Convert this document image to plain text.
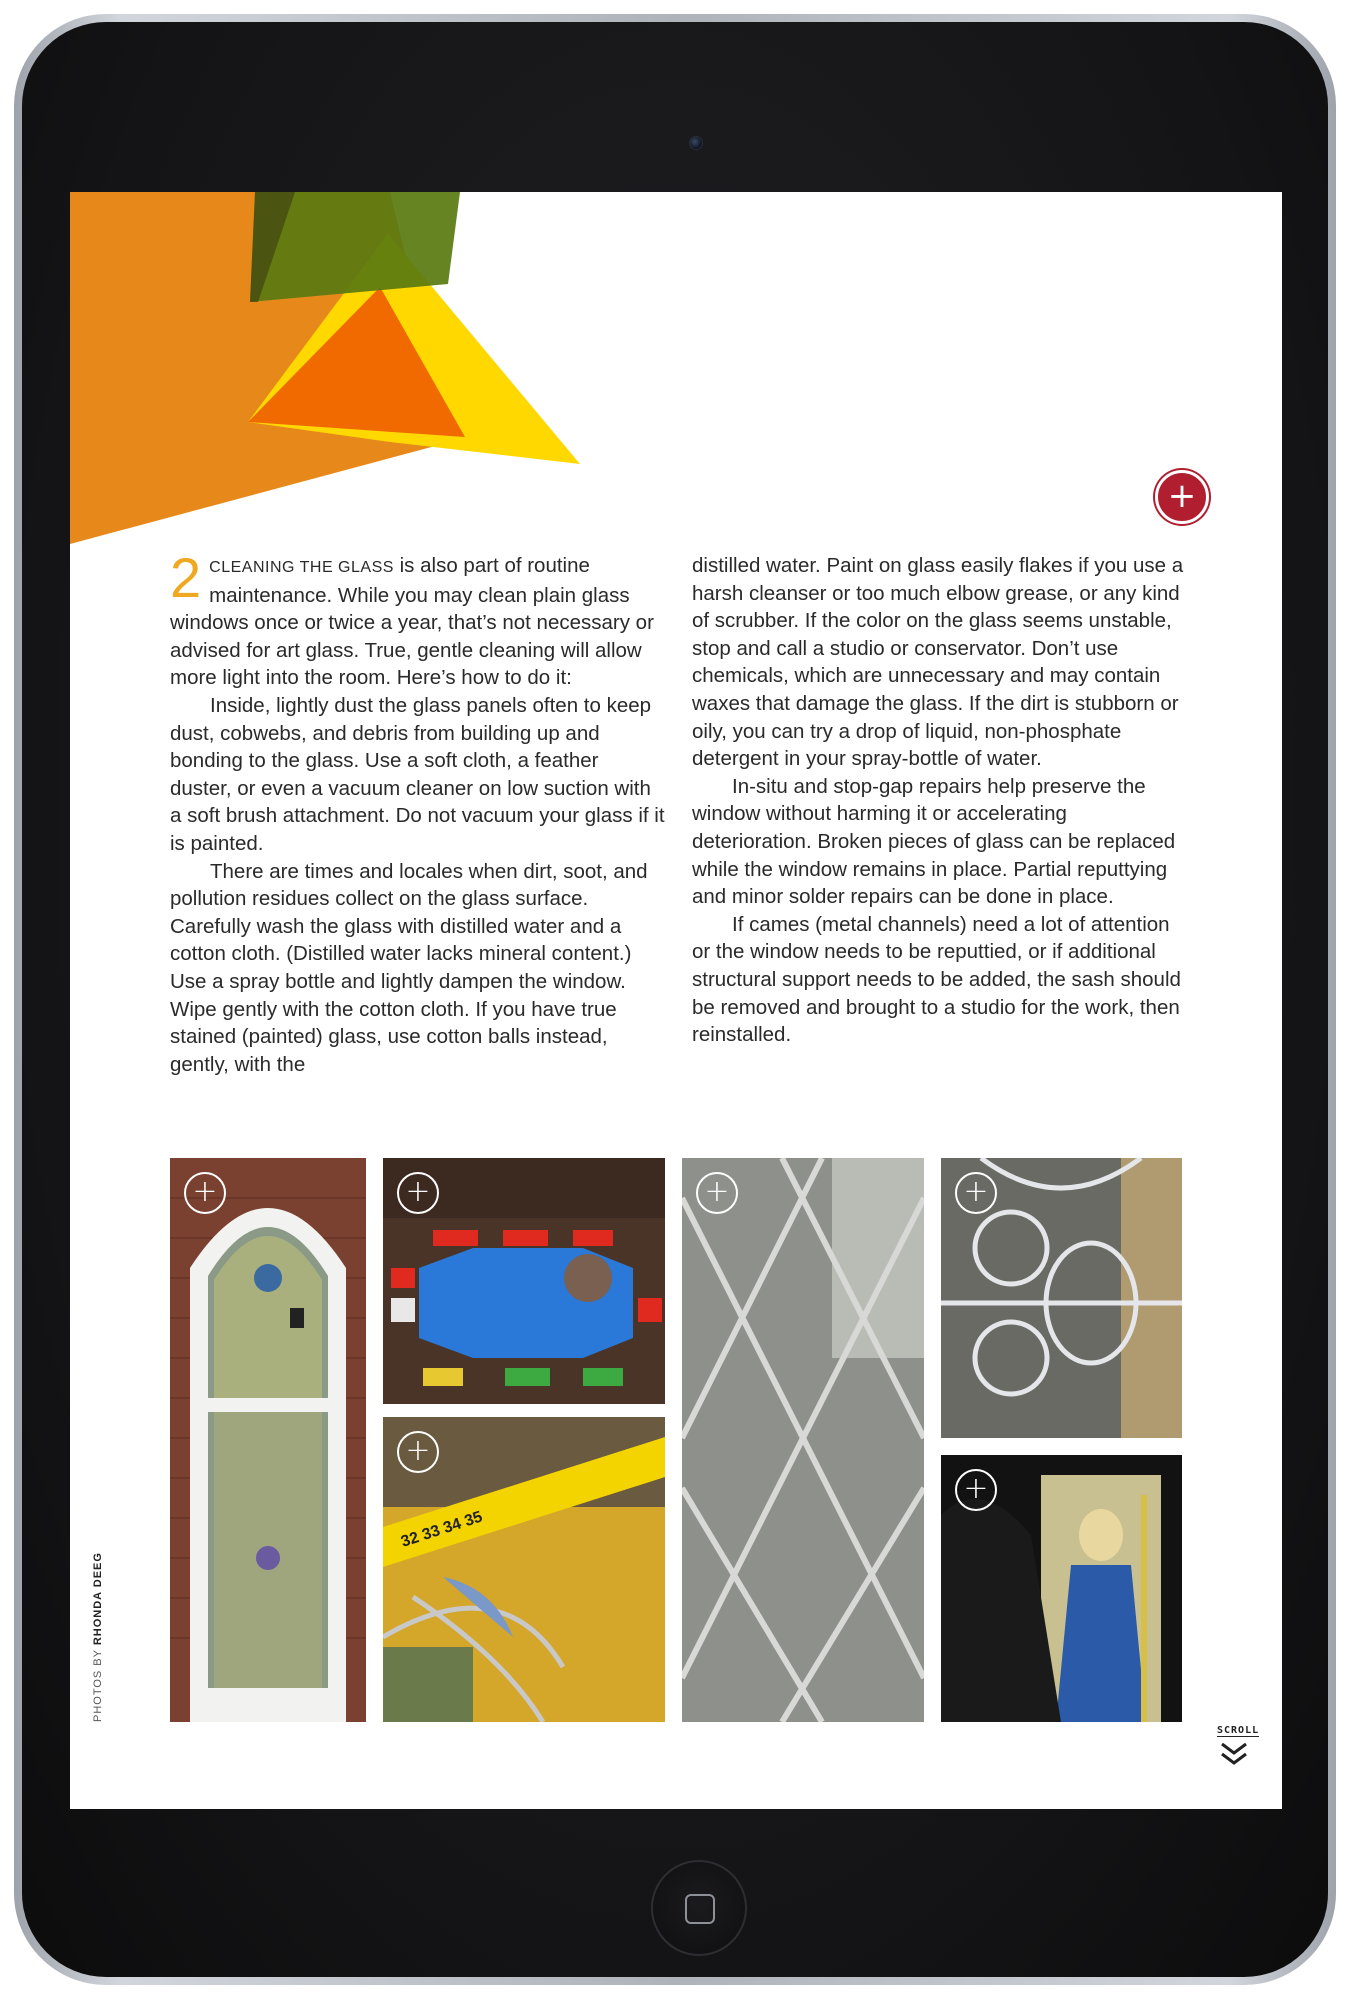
+

2 CLEANING THE GLASS is also part of routine maintenance. While you may clean plain glass windows once or twice a year, that’s not necessary or advised for art glass. True, gentle cleaning will allow more light into the room. Here’s how to do it:

Inside, lightly dust the glass panels often to keep dust, cobwebs, and debris from building up and bonding to the glass. Use a soft cloth, a feather duster, or even a vacuum cleaner on low suction with a soft brush attachment. Do not vacuum your glass if it is painted.

There are times and locales when dirt, soot, and pollution residues collect on the glass surface. Carefully wash the glass with distilled water and a cotton cloth. (Distilled water lacks mineral content.) Use a spray bottle and lightly dampen the window. Wipe gently with the cotton cloth. If you have true stained (painted) glass, use cotton balls instead, gently, with the

distilled water. Paint on glass easily flakes if you use a harsh cleanser or too much elbow grease, or any kind of scrubber. If the color on the glass seems unstable, stop and call a studio or conservator. Don’t use chemicals, which are unnecessary and may contain waxes that damage the glass. If the dirt is stubborn or oily, you can try a drop of liquid, non-phosphate detergent in your spray-bottle of water.

In-situ and stop-gap repairs help preserve the window without harming it or accelerating deterioration. Broken pieces of glass can be replaced while the window remains in place. Partial reputtying and minor solder repairs can be done in place.

If cames (metal channels) need a lot of attention or the window needs to be reputtied, or if additional structural support needs to be added, the sash should be removed and brought to a studio for the work, then reinstalled.

+	+
32 33 34 35
+
+	+
+
PHOTOS BY RHONDA DEEG
SCROLL
